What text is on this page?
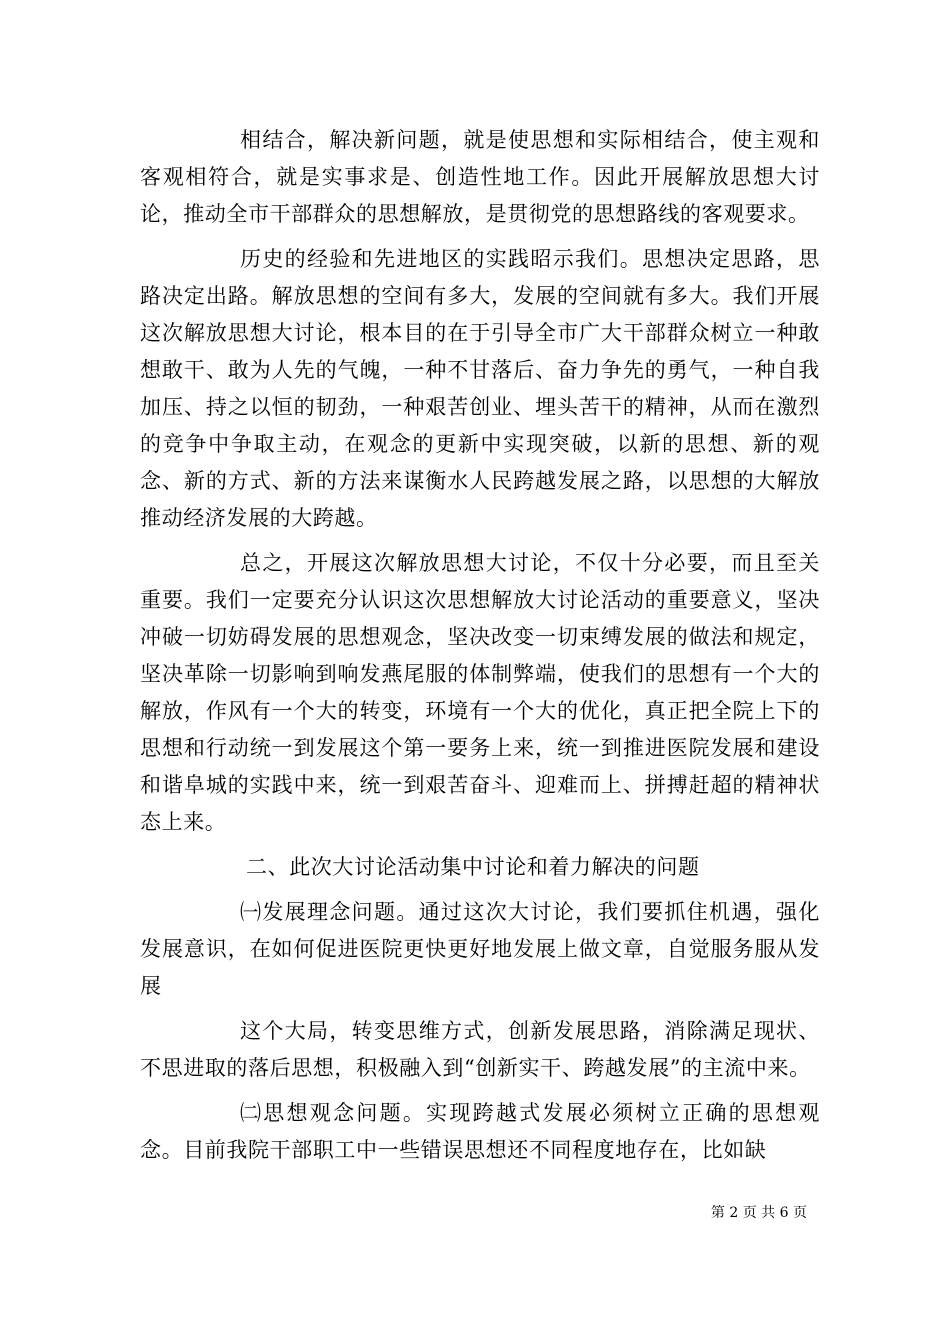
相结合，解决新问题，就是使思想和实际相结合，使主观和客观相符合，就是实事求是、创造性地工作。因此开展解放思想大讨论，推动全市干部群众的思想解放，是贯彻党的思想路线的客观要求。

历史的经验和先进地区的实践昭示我们。思想决定思路，思路决定出路。解放思想的空间有多大，发展的空间就有多大。我们开展这次解放思想大讨论，根本目的在于引导全市广大干部群众树立一种敢想敢干、敢为人先的气魄，一种不甘落后、奋力争先的勇气，一种自我加压、持之以恒的韧劲，一种艰苦创业、埋头苦干的精神，从而在激烈的竞争中争取主动，在观念的更新中实现突破，以新的思想、新的观念、新的方式、新的方法来谋衡水人民跨越发展之路，以思想的大解放推动经济发展的大跨越。

总之，开展这次解放思想大讨论，不仅十分必要，而且至关重要。我们一定要充分认识这次思想解放大讨论活动的重要意义，坚决冲破一切妨碍发展的思想观念，坚决改变一切束缚发展的做法和规定，坚决革除一切影响到响发燕尾服的体制弊端，使我们的思想有一个大的解放，作风有一个大的转变，环境有一个大的优化，真正把全院上下的思想和行动统一到发展这个第一要务上来，统一到推进医院发展和建设和谐阜城的实践中来，统一到艰苦奋斗、迎难而上、拼搏赶超的精神状态上来。

二、此次大讨论活动集中讨论和着力解决的问题

㈠发展理念问题。通过这次大讨论，我们要抓住机遇，强化发展意识，在如何促进医院更快更好地发展上做文章，自觉服务服从发展

这个大局，转变思维方式，创新发展思路，消除满足现状、不思进取的落后思想，积极融入到“创新实干、跨越发展”的主流中来。

㈡思想观念问题。实现跨越式发展必须树立正确的思想观念。目前我院干部职工中一些错误思想还不同程度地存在，比如缺

第 2 页 共 6 页
